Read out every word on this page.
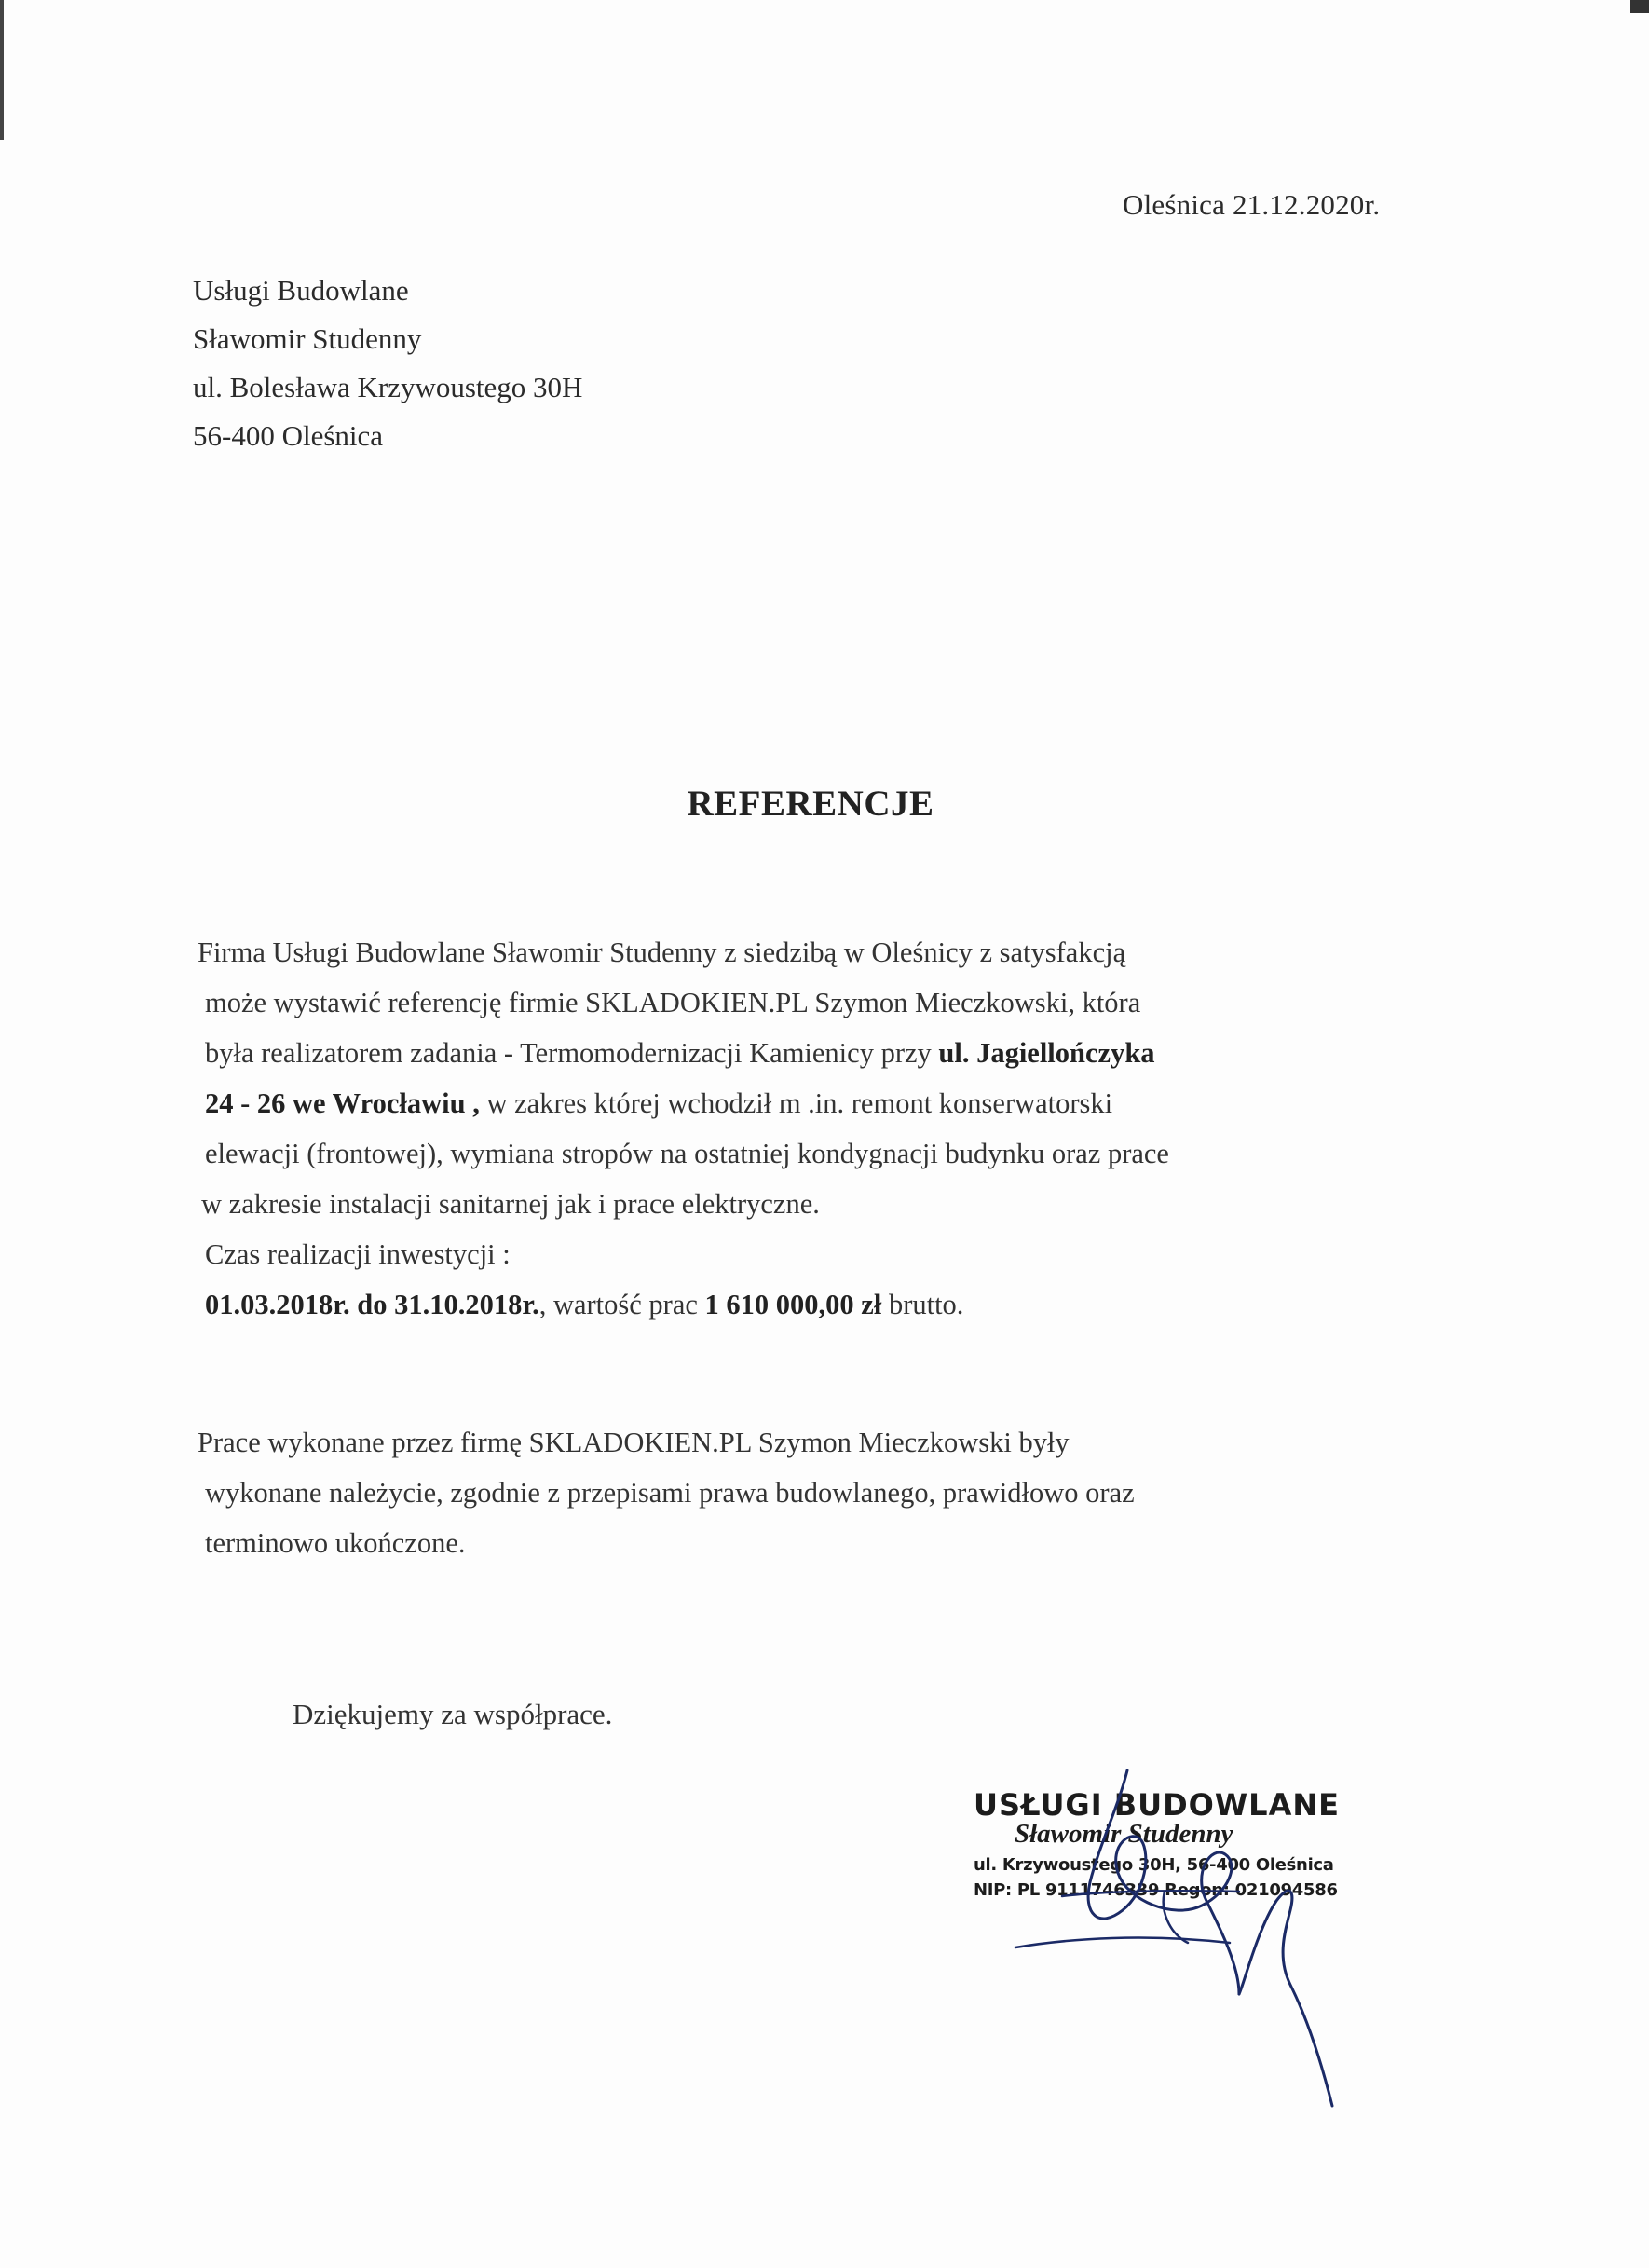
Oleśnica 21.12.2020r.
Usługi Budowlane
Sławomir Studenny
ul. Bolesława Krzywoustego 30H
56-400 Oleśnica
REFERENCJE
Firma Usługi Budowlane Sławomir Studenny z siedzibą w Oleśnicy z satysfakcją
może wystawić referencję firmie SKLADOKIEN.PL Szymon Mieczkowski, która
była realizatorem zadania - Termomodernizacji Kamienicy przy ul. Jagiellończyka
24 - 26 we Wrocławiu , w zakres której wchodził m .in. remont konserwatorski
elewacji (frontowej), wymiana stropów na ostatniej kondygnacji budynku oraz prace
w zakresie instalacji sanitarnej jak i prace elektryczne.
Czas realizacji inwestycji :
01.03.2018r. do 31.10.2018r., wartość prac 1 610 000,00 zł brutto.
Prace wykonane przez firmę SKLADOKIEN.PL Szymon Mieczkowski były
wykonane należycie, zgodnie z przepisami prawa budowlanego, prawidłowo oraz
terminowo ukończone.
Dziękujemy za współprace.
USŁUGI BUDOWLANE
Sławomir Studenny
ul. Krzywoustego 30H, 56-400 Oleśnica
NIP: PL 9111746339 Regon: 021094586
